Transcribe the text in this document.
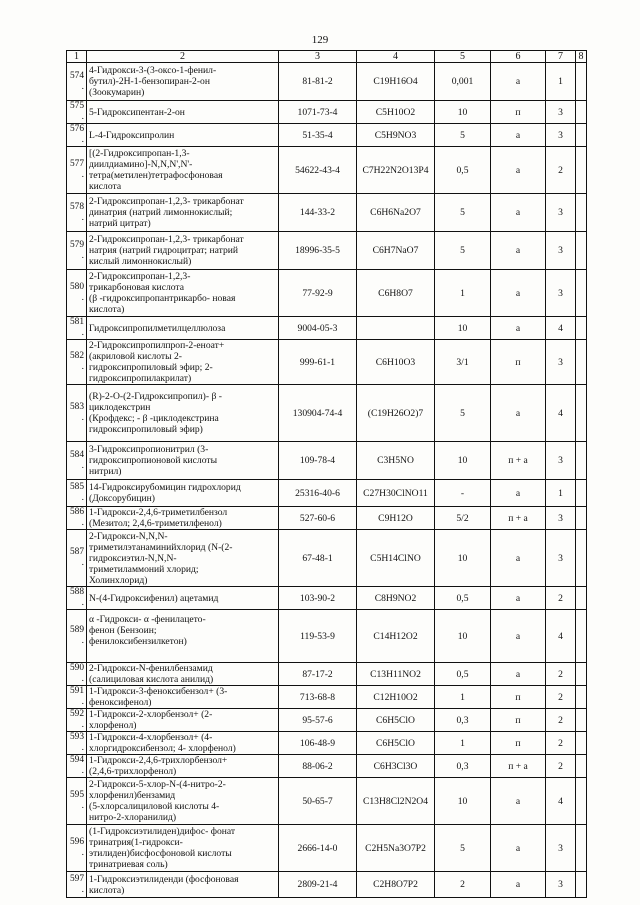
129
1	2	3	4	5	6	7	8
574.	4-Гидрокси-3-(3-оксо-1-фенил-
бутил)-2H-1-бензопиран-2-он
(Зоокумарин)	81-81-2	C19H16O4	0,001	а	1	
575.	5-Гидроксипентан-2-он	1071-73-4	C5H10O2	10	п	3	
576.	L-4-Гидроксипролин	51-35-4	C5H9NO3	5	а	3	
577.	[(2-Гидроксипропан-1,3-
диилдиамино]-N,N,N',N'-
тетра(метилен)тетрафосфоновая
кислота	54622-43-4	C7H22N2O13P4	0,5	а	2	
578.	2-Гидроксипропан-1,2,3- трикарбонат
динатрия (натрий лимоннокислый;
натрий цитрат)	144-33-2	C6H6Na2O7	5	а	3	
579.	2-Гидроксипропан-1,2,3- трикарбонат
натрия (натрий гидроцитрат; натрий
кислый лимоннокислый)	18996-35-5	C6H7NaO7	5	а	3	
580.	2-Гидроксипропан-1,2,3-
трикарбоновая кислота
(β -гидроксипропантрикарбо- новая
кислота)	77-92-9	C6H8O7	1	а	3	
581.	Гидроксипропилметилцеллюлоза	9004-05-3		10	а	4	
582.	2-Гидроксипропилпроп-2-еноат+
(акриловой кислоты 2-
гидроксипропиловый эфир; 2-
гидроксипропилакрилат)	999-61-1	C6H10O3	3/1	п	3	
583.	(R)-2-O-(2-Гидроксипропил)- β -
циклодекстрин
(Крофдекс; - β -циклодекстрина
гидроксипропиловый эфир)	130904-74-4	(C19H26O2)7	5	а	4	
584.	3-Гидроксипропионитрил (3-
гидроксипропионовой кислоты
нитрил)	109-78-4	C3H5NO	10	п + а	3	
585.	14-Гидроксирубомицин гидрохлорид
(Доксорубицин)	25316-40-6	C27H30ClNO11	-	а	1	
586.	1-Гидрокси-2,4,6-триметилбензол
(Мезитол; 2,4,6-триметилфенол)	527-60-6	C9H12O	5/2	п + а	3	
587.	2-Гидрокси-N,N,N-
триметилэтанаминийхлорид (N-(2-
гидроксиэтил-N,N,N-
триметиламмоний хлорид;
Холинхлорид)	67-48-1	C5H14ClNO	10	а	3	
588.	N-(4-Гидроксифенил) ацетамид	103-90-2	C8H9NO2	0,5	а	2	
589.	α -Гидрокси- α -фенилацето-
фенон (Бензоин;
фенилоксибензилкетон)	119-53-9	C14H12O2	10	а	4	
590.	2-Гидрокси-N-фенилбензамид
(салициловая кислота анилид)	87-17-2	C13H11NO2	0,5	а	2	
591.	1-Гидрокси-3-феноксибензол+ (3-
феноксифенол)	713-68-8	C12H10O2	1	п	2	
592.	1-Гидрокси-2-хлорбензол+ (2-
хлорфенол)	95-57-6	C6H5ClO	0,3	п	2	
593.	1-Гидрокси-4-хлорбензол+ (4-
хлоргидроксибензол; 4- хлорфенол)	106-48-9	C6H5ClO	1	п	2	
594.	1-Гидрокси-2,4,6-трихлорбензол+
(2,4,6-трихлорфенол)	88-06-2	C6H3Cl3O	0,3	п + а	2	
595.	2-Гидрокси-5-хлор-N-(4-нитро-2-
хлорфенил)бензамид
(5-хлорсалициловой кислоты 4-
нитро-2-хлоранилид)	50-65-7	C13H8Cl2N2O4	10	а	4	
596.	(1-Гидроксиэтилиден)дифос- фонат
тринатрия(1-гидрокси-
этилиден)бисфосфоновой кислоты
тринатриевая соль)	2666-14-0	C2H5Na3O7P2	5	а	3	
597.	1-Гидроксиэтилиденди (фосфоновая
кислота)	2809-21-4	C2H8O7P2	2	а	3	
